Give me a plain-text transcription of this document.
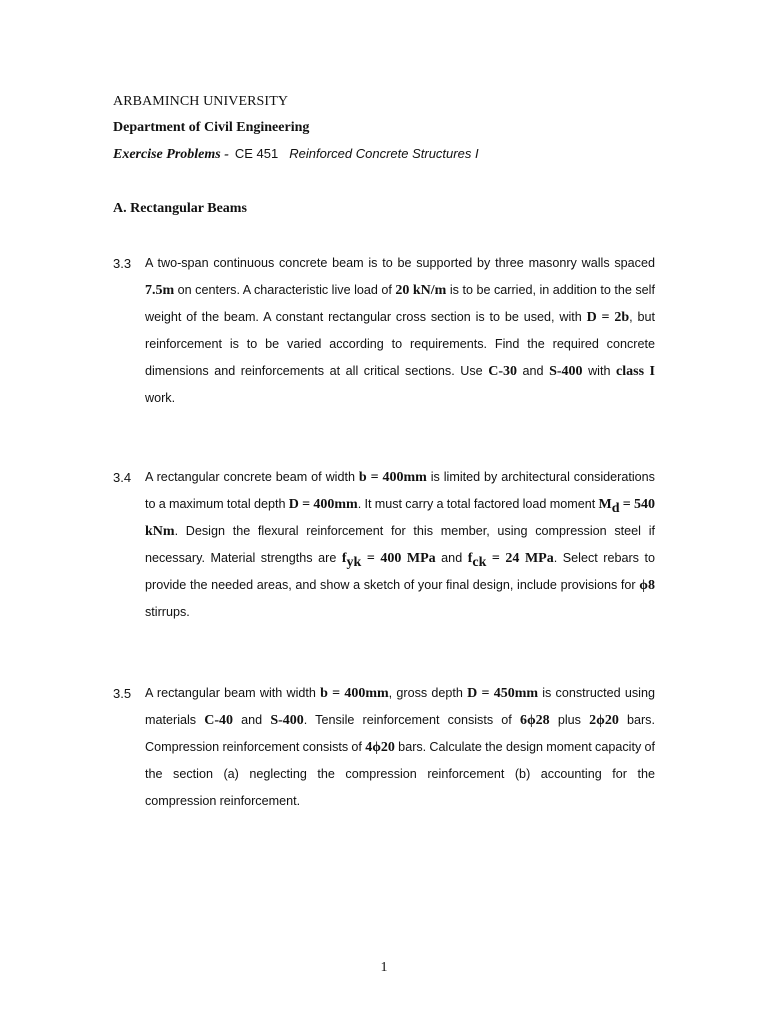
ARBAMINCH UNIVERSITY
Department of Civil Engineering
Exercise Problems - CE 451 Reinforced Concrete Structures I
A. Rectangular Beams
3.3	A two-span continuous concrete beam is to be supported by three masonry walls spaced 7.5m on centers. A characteristic live load of 20 kN/m is to be carried, in addition to the self weight of the beam. A constant rectangular cross section is to be used, with D = 2b, but reinforcement is to be varied according to requirements. Find the required concrete dimensions and reinforcements at all critical sections. Use C-30 and S-400 with class I work.
3.4	A rectangular concrete beam of width b = 400mm is limited by architectural considerations to a maximum total depth D = 400mm. It must carry a total factored load moment $M_d = 540$ kNm. Design the flexural reinforcement for this member, using compression steel if necessary. Material strengths are $f_{yk} = 400$ MPa and $f_{ck} = 24$ MPa. Select rebars to provide the needed areas, and show a sketch of your final design, include provisions for ϕ8 stirrups.
3.5	A rectangular beam with width b = 400mm, gross depth D = 450mm is constructed using materials C-40 and S-400. Tensile reinforcement consists of 6ϕ28 plus 2ϕ20 bars. Compression reinforcement consists of 4ϕ20 bars. Calculate the design moment capacity of the section (a) neglecting the compression reinforcement (b) accounting for the compression reinforcement.
1
